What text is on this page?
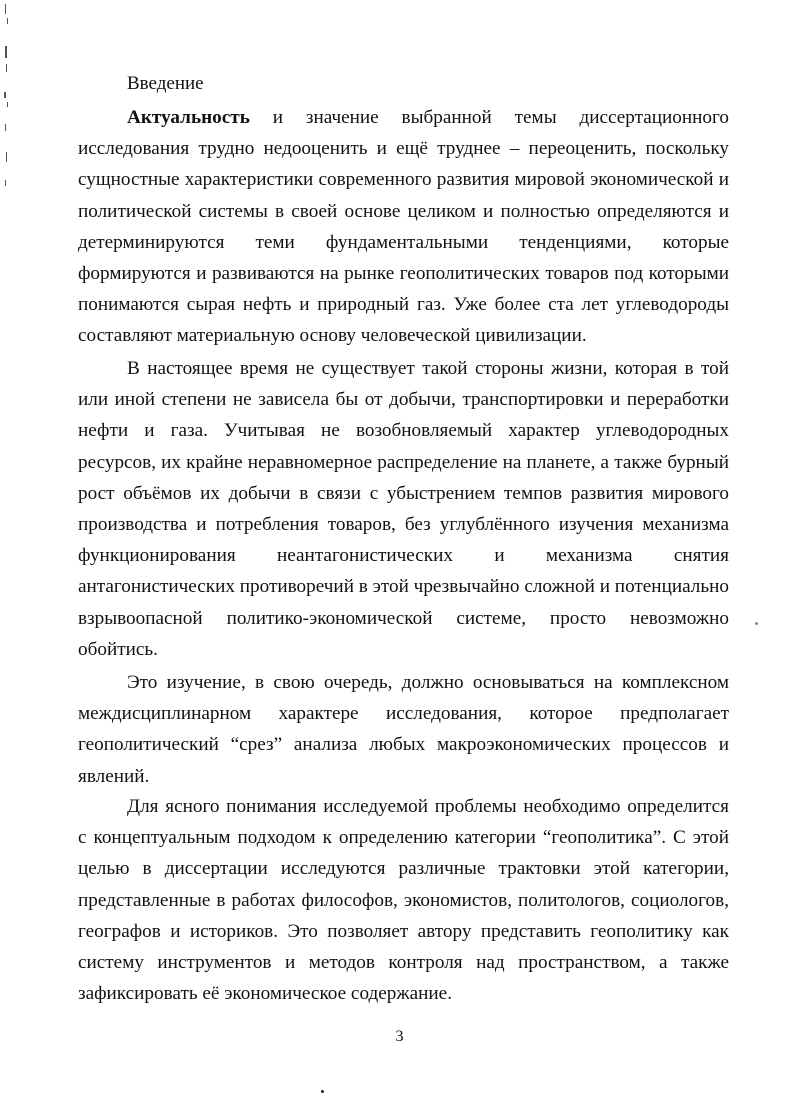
Введение

Актуальность и значение выбранной темы диссертационного исследования трудно недооценить и ещё труднее – переоценить, поскольку сущностные характеристики современного развития мировой экономической и политической системы в своей основе целиком и полностью определяются и детерминируются теми фундаментальными тенденциями, которые формируются и развиваются на рынке геополитических товаров под которыми понимаются сырая нефть и природный газ. Уже более ста лет углеводороды составляют материальную основу человеческой цивилизации.

В настоящее время не существует такой стороны жизни, которая в той или иной степени не зависела бы от добычи, транспортировки и переработки нефти и газа. Учитывая не возобновляемый характер углеводородных ресурсов, их крайне неравномерное распределение на планете, а также бурный рост объёмов их добычи в связи с убыстрением темпов развития мирового производства и потребления товаров, без углублённого изучения механизма функционирования неантагонистических и механизма снятия антагонистических противоречий в этой чрезвычайно сложной и потенциально взрывоопасной политико-экономической системе, просто невозможно обойтись.

Это изучение, в свою очередь, должно основываться на комплексном междисциплинарном характере исследования, которое предполагает геополитический “срез” анализа любых макроэкономических процессов и явлений.

Для ясного понимания исследуемой проблемы необходимо определится с концептуальным подходом к определению категории “геополитика”. С этой целью в диссертации исследуются различные трактовки этой категории, представленные в работах философов, экономистов, политологов, социологов, географов и историков. Это позволяет автору представить геополитику как систему инструментов и методов контроля над пространством, а также зафиксировать её экономическое содержание.

3
